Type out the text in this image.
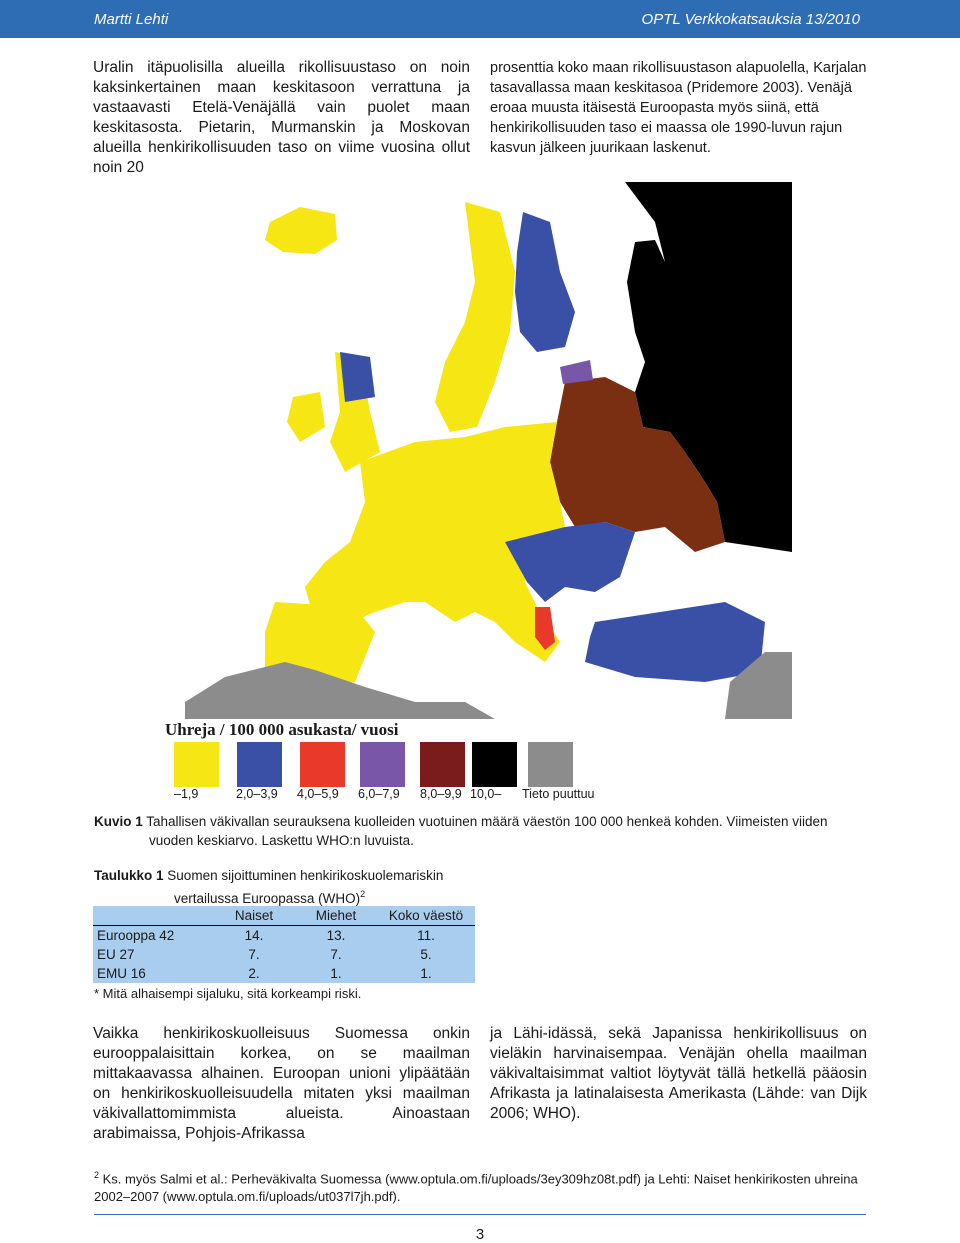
Martti Lehti	OPTL Verkkokatsauksia 13/2010

Uralin itäpuolisilla alueilla rikollisuustaso on noin kaksinkertainen maan keskitasoon verrattuna ja vastaavasti Etelä-Venäjällä vain puolet maan keskitasosta. Pietarin, Murmanskin ja Moskovan alueilla henkirikollisuuden taso on viime vuosina ollut noin 20

prosenttia koko maan rikollisuustason alapuolella, Karjalan tasavallassa maan keskitasoa (Pridemore 2003). Venäjä eroaa muusta itäisestä Euroopasta myös siinä, että henkirikollisuuden taso ei maassa ole 1990-luvun rajun kasvun jälkeen juurikaan laskenut.

Uhreja / 100 000 asukasta/ vuosi
–1,9	2,0–3,9 4,0–5,9 6,0–7,9 8,0–9,9 10,0– Tieto puuttuu
Kuvio 1 Tahallisen väkivallan seurauksena kuolleiden vuotuinen määrä väestön 100 000 henkeä kohden. Viimeisten viiden
vuoden keskiarvo. Laskettu WHO:n luvuista.
Taulukko 1 Suomen sijoittuminen henkirikoskuolemariskin
vertailussa Euroopassa (WHO)$^2$
	Naiset	Miehet	Koko väestö
Eurooppa 42	14.	13.	11.
EU 27	7.	7.	5.
EMU 16	2.	1.	1.
* Mitä alhaisempi sijaluku, sitä korkeampi riski.

Vaikka henkirikoskuolleisuus Suomessa onkin eurooppalaisittain korkea, on se maailman mittakaavassa alhainen. Euroopan unioni ylipäätään on henkirikoskuolleisuudella mitaten yksi maailman väkivallattomimmista alueista. Ainoastaan arabimaissa, Pohjois-Afrikassa

ja Lähi-idässä, sekä Japanissa henkirikollisuus on vieläkin harvinaisempaa. Venäjän ohella maailman väkivaltaisimmat valtiot löytyvät tällä hetkellä pääosin Afrikasta ja latinalaisesta Amerikasta (Lähde: van Dijk 2006; WHO).

$^2$ Ks. myös Salmi et al.: Perheväkivalta Suomessa (www.optula.om.fi/uploads/3ey309hz08t.pdf) ja Lehti: Naiset henkirikosten uhreina 2002–2007 (www.optula.om.fi/uploads/ut037l7jh.pdf).
3
